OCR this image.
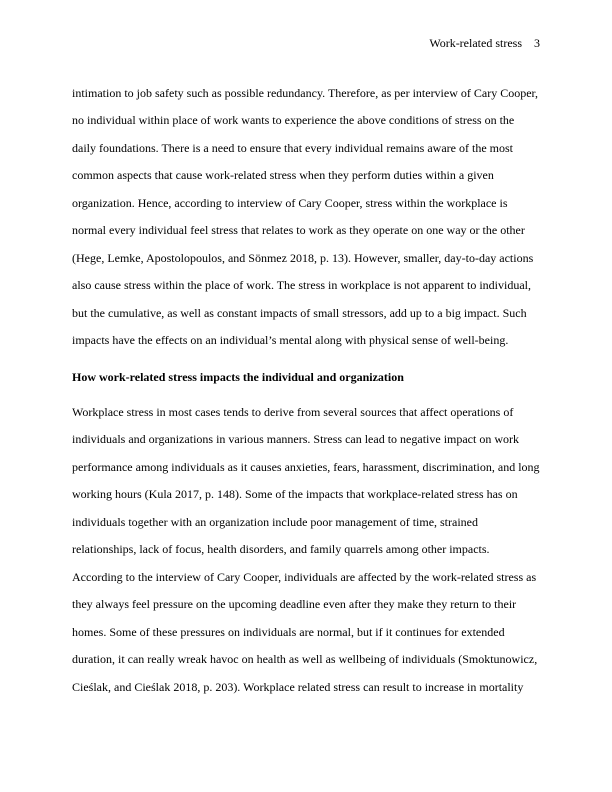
Work-related stress 3
intimation to job safety such as possible redundancy. Therefore, as per interview of Cary Cooper,
no individual within place of work wants to experience the above conditions of stress on the
daily foundations. There is a need to ensure that every individual remains aware of the most
common aspects that cause work-related stress when they perform duties within a given
organization. Hence, according to interview of Cary Cooper, stress within the workplace is
normal every individual feel stress that relates to work as they operate on one way or the other
(Hege, Lemke, Apostolopoulos, and Sönmez 2018, p. 13). However, smaller, day-to-day actions
also cause stress within the place of work. The stress in workplace is not apparent to individual,
but the cumulative, as well as constant impacts of small stressors, add up to a big impact. Such
impacts have the effects on an individual’s mental along with physical sense of well-being.
How work-related stress impacts the individual and organization
Workplace stress in most cases tends to derive from several sources that affect operations of
individuals and organizations in various manners. Stress can lead to negative impact on work
performance among individuals as it causes anxieties, fears, harassment, discrimination, and long
working hours (Kula 2017, p. 148). Some of the impacts that workplace-related stress has on
individuals together with an organization include poor management of time, strained
relationships, lack of focus, health disorders, and family quarrels among other impacts.
According to the interview of Cary Cooper, individuals are affected by the work-related stress as
they always feel pressure on the upcoming deadline even after they make they return to their
homes. Some of these pressures on individuals are normal, but if it continues for extended
duration, it can really wreak havoc on health as well as wellbeing of individuals (Smoktunowicz,
Cieślak, and Cieślak 2018, p. 203). Workplace related stress can result to increase in mortality
